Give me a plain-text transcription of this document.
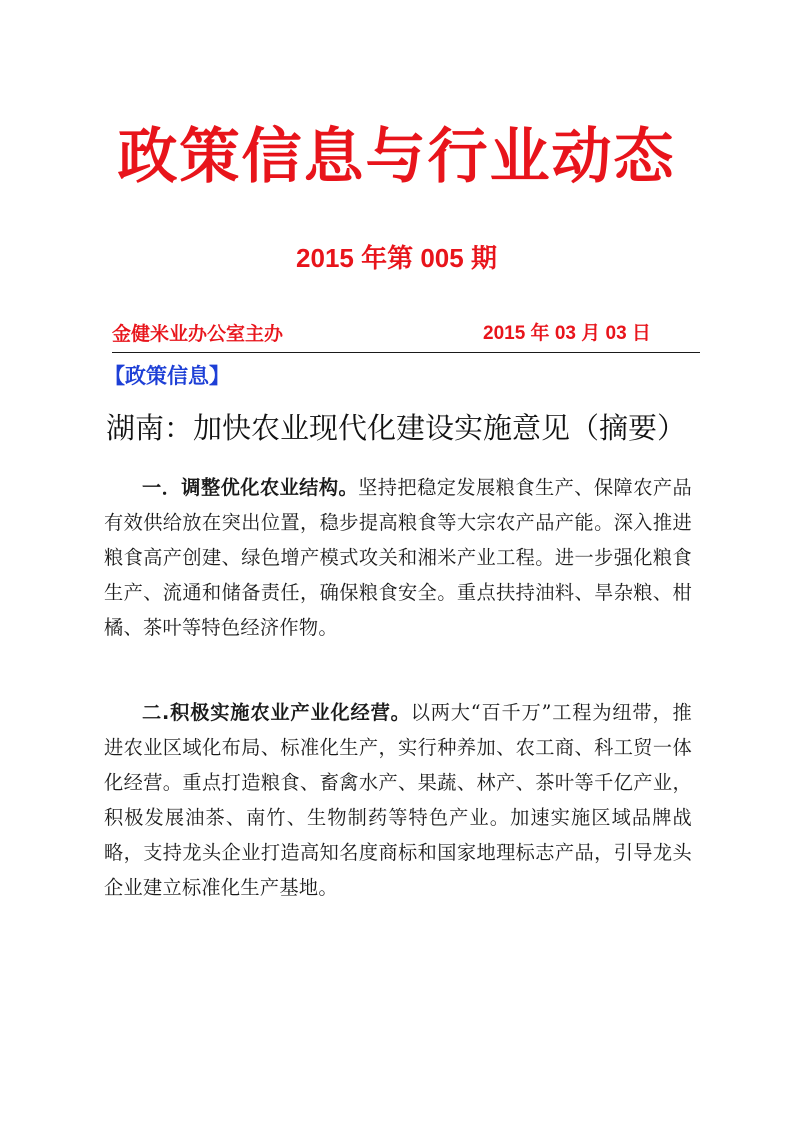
政策信息与行业动态
2015 年第 005 期
金健米业办公室主办	2015 年 03 月 03 日
【政策信息】
湖南：加快农业现代化建设实施意见（摘要）

一．调整优化农业结构。坚持把稳定发展粮食生产、保障农产品有效供给放在突出位置，稳步提高粮食等大宗农产品产能。深入推进粮食高产创建、绿色增产模式攻关和湘米产业工程。进一步强化粮食生产、流通和储备责任，确保粮食安全。重点扶持油料、旱杂粮、柑橘、茶叶等特色经济作物。

二.积极实施农业产业化经营。以两大“百千万”工程为纽带，推进农业区域化布局、标准化生产，实行种养加、农工商、科工贸一体化经营。重点打造粮食、畜禽水产、果蔬、林产、茶叶等千亿产业，积极发展油茶、南竹、生物制药等特色产业。加速实施区域品牌战略，支持龙头企业打造高知名度商标和国家地理标志产品，引导龙头企业建立标准化生产基地。
